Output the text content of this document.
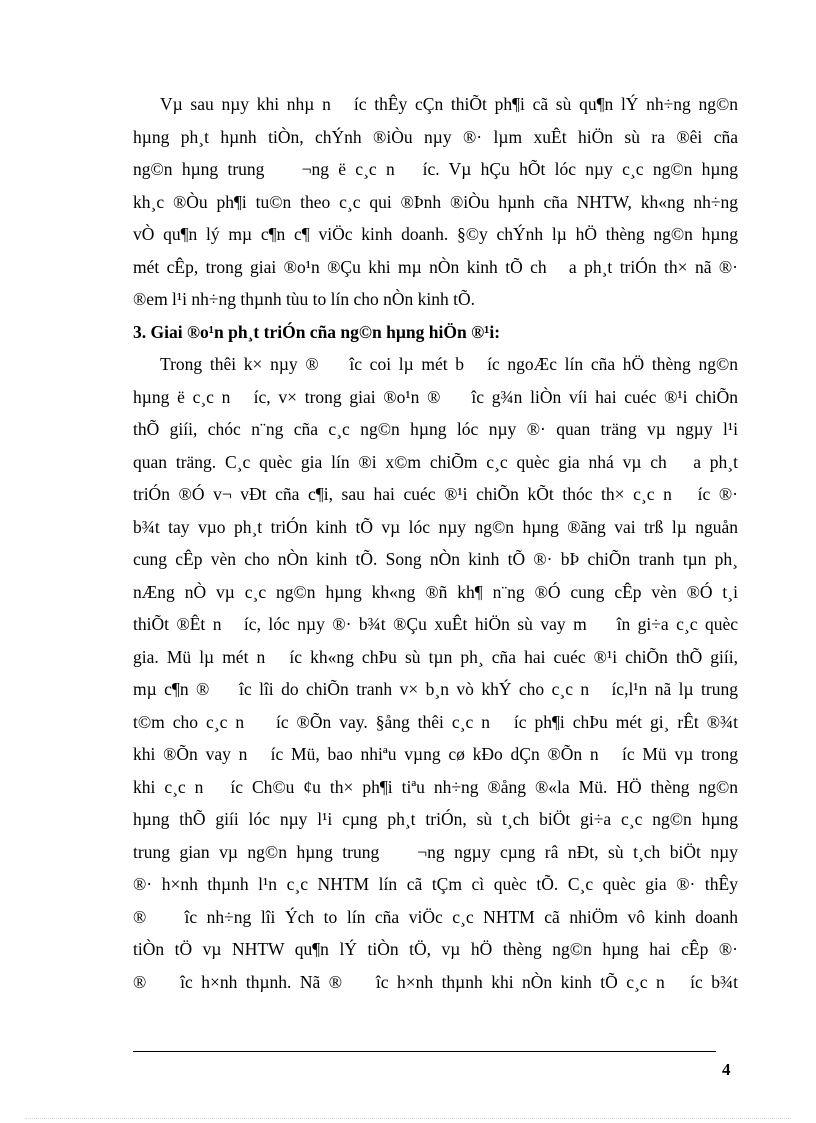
Vµ sau nµy khi nhµ n   íc thÊy cÇn thiÕt ph¶i cã sù qu¶n lÝ nh÷ng ng©n
hµng ph¸t hµnh tiÒn, chÝnh ®iÒu nµy ®· lµm xuÊt hiÖn sù ra ®êi cña
ng©n hµng trung    ¬ng ë c¸c n   íc. Vµ hÇu hÕt lóc nµy c¸c ng©n hµng
kh¸c ®Òu ph¶i tu©n theo c¸c qui ®Þnh ®iÒu hµnh cña NHTW, kh«ng nh÷ng
vÒ qu¶n lý mµ c¶n c¶ viÖc kinh doanh. §©y chÝnh lµ hÖ thèng ng©n hµng
mét cÊp, trong giai ®o¹n ®Çu khi mµ nÒn kinh tÕ ch   a ph¸t triÓn th× nã ®·
®em l¹i nh÷ng thµnh tùu to lín cho nÒn kinh tÕ.
3. Giai ®o¹n ph¸t triÓn cña ng©n hµng hiÖn ®¹i:
Trong thêi k× nµy ®    îc coi lµ mét b   íc ngoÆc lín cña hÖ thèng ng©n
hµng ë c¸c n   íc, v× trong giai ®o¹n ®    îc g¾n liÒn víi hai cuéc ®¹i chiÕn
thÕ giíi, chóc n¨ng cña c¸c ng©n hµng lóc nµy ®· quan träng vµ ngµy l¹i
quan träng. C¸c quèc gia lín ®i x©m chiÕm c¸c quèc gia nhá vµ ch   a ph¸t
triÓn ®Ó v¬ vÐt cña c¶i, sau hai cuéc ®¹i chiÕn kÕt thóc th× c¸c n   íc ®·
b¾t tay vµo ph¸t triÓn kinh tÕ vµ lóc nµy ng©n hµng ®ãng vai trß lµ nguån
cung cÊp vèn cho nÒn kinh tÕ. Song nÒn kinh tÕ ®· bÞ chiÕn tranh tµn ph¸
nÆng nÒ vµ c¸c ng©n hµng kh«ng ®ñ kh¶ n¨ng ®Ó cung cÊp vèn ®Ó t¸i
thiÕt ®Êt n   íc, lóc nµy ®· b¾t ®Çu xuÊt hiÖn sù vay m    în gi÷a c¸c quèc
gia. Mü lµ mét n   íc kh«ng chÞu sù tµn ph¸ cña hai cuéc ®¹i chiÕn thÕ giíi,
mµ c¶n ®    îc lîi do chiÕn tranh v× b¸n vò khÝ cho c¸c n   íc,l¹n nã lµ trung
t©m cho c¸c n    íc ®Õn vay. §ång thêi c¸c n   íc ph¶i chÞu mét gi¸ rÊt ®¾t
khi ®Õn vay n   íc Mü, bao nhiªu vµng cø kÐo dÇn ®Õn n   íc Mü vµ trong
khi c¸c n   íc Ch©u ¢u th× ph¶i tiªu nh÷ng ®ång ®«la Mü. HÖ thèng ng©n
hµng thÕ giíi lóc nµy l¹i cµng ph¸t triÓn, sù t¸ch biÖt gi÷a c¸c ng©n hµng
trung gian vµ ng©n hµng trung    ¬ng ngµy cµng râ nÐt, sù t¸ch biÖt nµy
®· h×nh thµnh l¹n c¸c NHTM lín cã tÇm cì quèc tÕ. C¸c quèc gia ®· thÊy
®    îc nh÷ng lîi Ých to lín cña viÖc c¸c NHTM cã nhiÖm vô kinh doanh
tiÒn tÖ vµ NHTW qu¶n lÝ tiÒn tÖ, vµ hÖ thèng ng©n hµng hai cÊp ®·
®    îc h×nh thµnh. Nã ®    îc h×nh thµnh khi nÒn kinh tÕ c¸c n   íc b¾t
4
